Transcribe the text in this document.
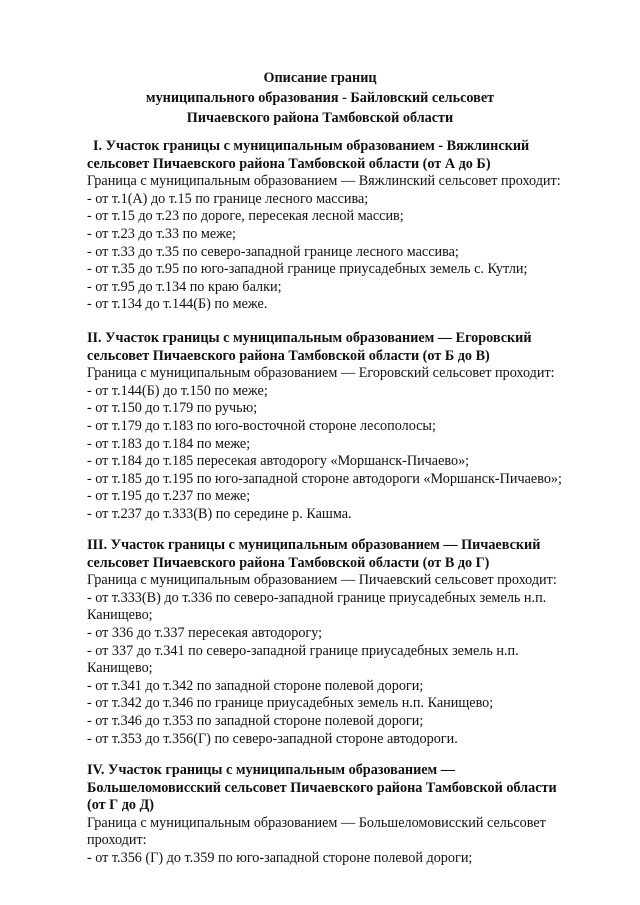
Описание границ
муниципального образования - Байловский сельсовет
Пичаевского района Тамбовской области
I. Участок границы с муниципальным образованием - Вяжлинский
сельсовет Пичаевского района Тамбовской области (от А до Б)
Граница с муниципальным образованием — Вяжлинский сельсовет проходит:
- от т.1(А) до т.15 по границе лесного массива;
- от т.15 до т.23 по дороге, пересекая лесной массив;
- от т.23 до т.33 по меже;
- от т.33 до т.35 по северо-западной границе лесного массива;
- от т.35 до т.95 по юго-западной границе приусадебных земель с. Кутли;
- от т.95 до т.134 по краю балки;
- от т.134 до т.144(Б) по меже.
II. Участок границы с муниципальным образованием — Егоровский
сельсовет Пичаевского района Тамбовской области (от Б до В)
Граница с муниципальным образованием — Егоровский сельсовет проходит:
- от т.144(Б) до т.150 по меже;
- от т.150 до т.179 по ручью;
- от т.179 до т.183 по юго-восточной стороне лесополосы;
- от т.183 до т.184 по меже;
- от т.184 до т.185 пересекая автодорогу «Моршанск-Пичаево»;
- от т.185 до т.195 по юго-западной стороне автодороги «Моршанск-Пичаево»;
- от т.195 до т.237 по меже;
- от т.237 до т.333(В) по середине р. Кашма.
III. Участок границы с муниципальным образованием — Пичаевский
сельсовет Пичаевского района Тамбовской области (от В до Г)
Граница с муниципальным образованием — Пичаевский сельсовет проходит:
- от т.333(В) до т.336 по северо-западной границе приусадебных земель н.п.
Канищево;
- от 336 до т.337 пересекая автодорогу;
- от 337 до т.341 по северо-западной границе приусадебных земель н.п.
Канищево;
- от т.341 до т.342 по западной стороне полевой дороги;
- от т.342 до т.346 по границе приусадебных земель н.п. Канищево;
- от т.346 до т.353 по западной стороне полевой дороги;
- от т.353 до т.356(Г) по северо-западной стороне автодороги.
IV. Участок границы с муниципальным образованием —
Большеломовисский сельсовет Пичаевского района Тамбовской области
(от Г до Д)
Граница с муниципальным образованием — Большеломовисский сельсовет
проходит:
- от т.356 (Г) до т.359 по юго-западной стороне полевой дороги;
